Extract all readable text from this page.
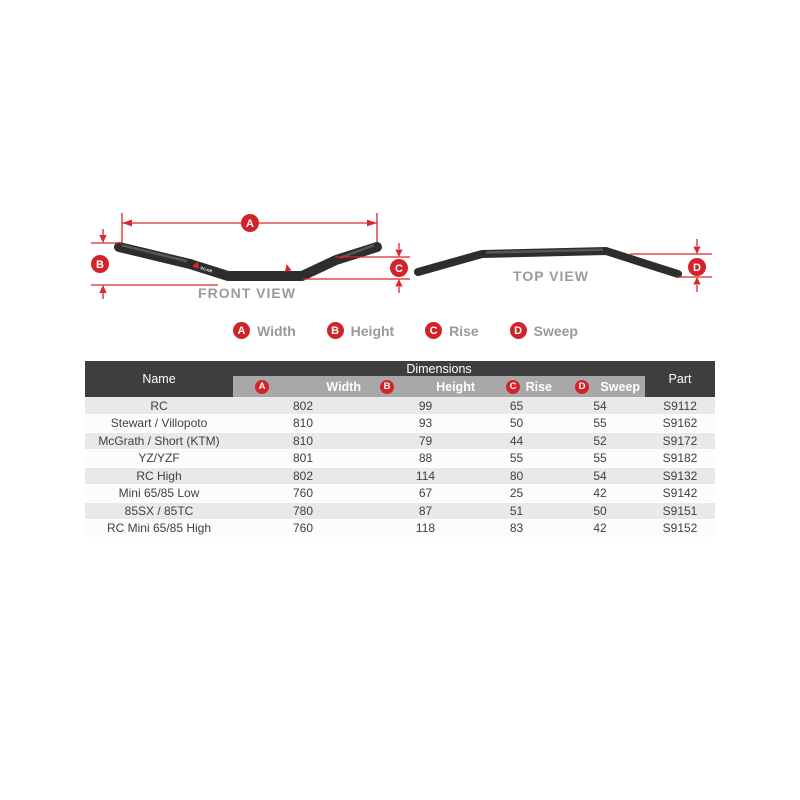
A
SCAR	SCAR
B	C
FRONT VIEW
D
TOP VIEW
A Width	B Height	C Rise	D Sweep
Name	Dimensions				Part

A Width	B Height	C Rise	D Sweep	

RC	802	99	65	54	S9112
Stewart / Villopoto	810	93	50	55	S9162
McGrath / Short (KTM)	810	79	44	52	S9172
YZ/YZF	801	88	55	55	S9182
RC High	802	114	80	54	S9132
Mini 65/85 Low	760	67	25	42	S9142
85SX / 85TC	780	87	51	50	S9151
RC Mini 65/85 High	760	118	83	42	S9152
